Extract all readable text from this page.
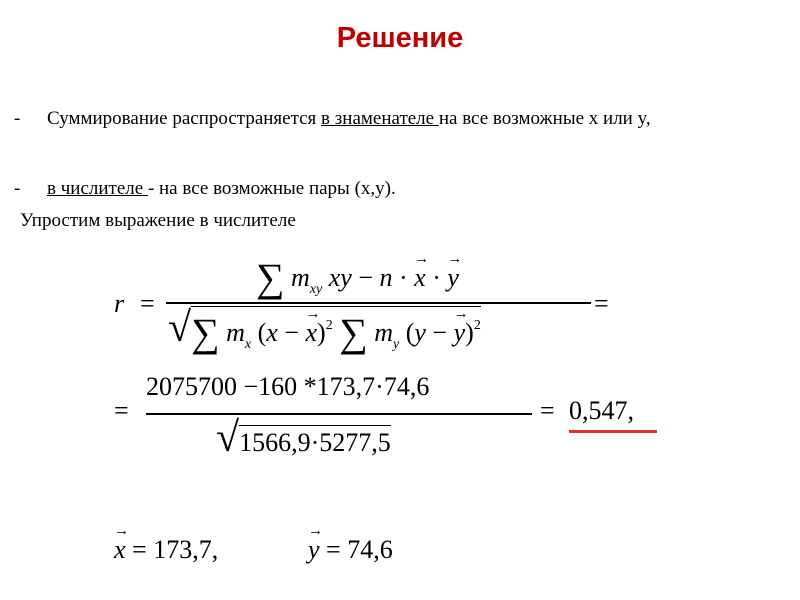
Решение
- Суммирование распространяется в знаменателе на все возможные x или y,
- в числителе - на все возможные пары (x,y).
Упростим выражение в числителе
r =
∑ $m_{xy}$ xy − n · → x · → y
√∑ $m_x$ (x − → x)$^2$ ∑ $m_y$ (y − → y)$^2$
=
=
2075700 −160 *173,7·74,6
√1566,9·5277,5
= 0,547,
→ x = 173,7,	→ y = 74,6
